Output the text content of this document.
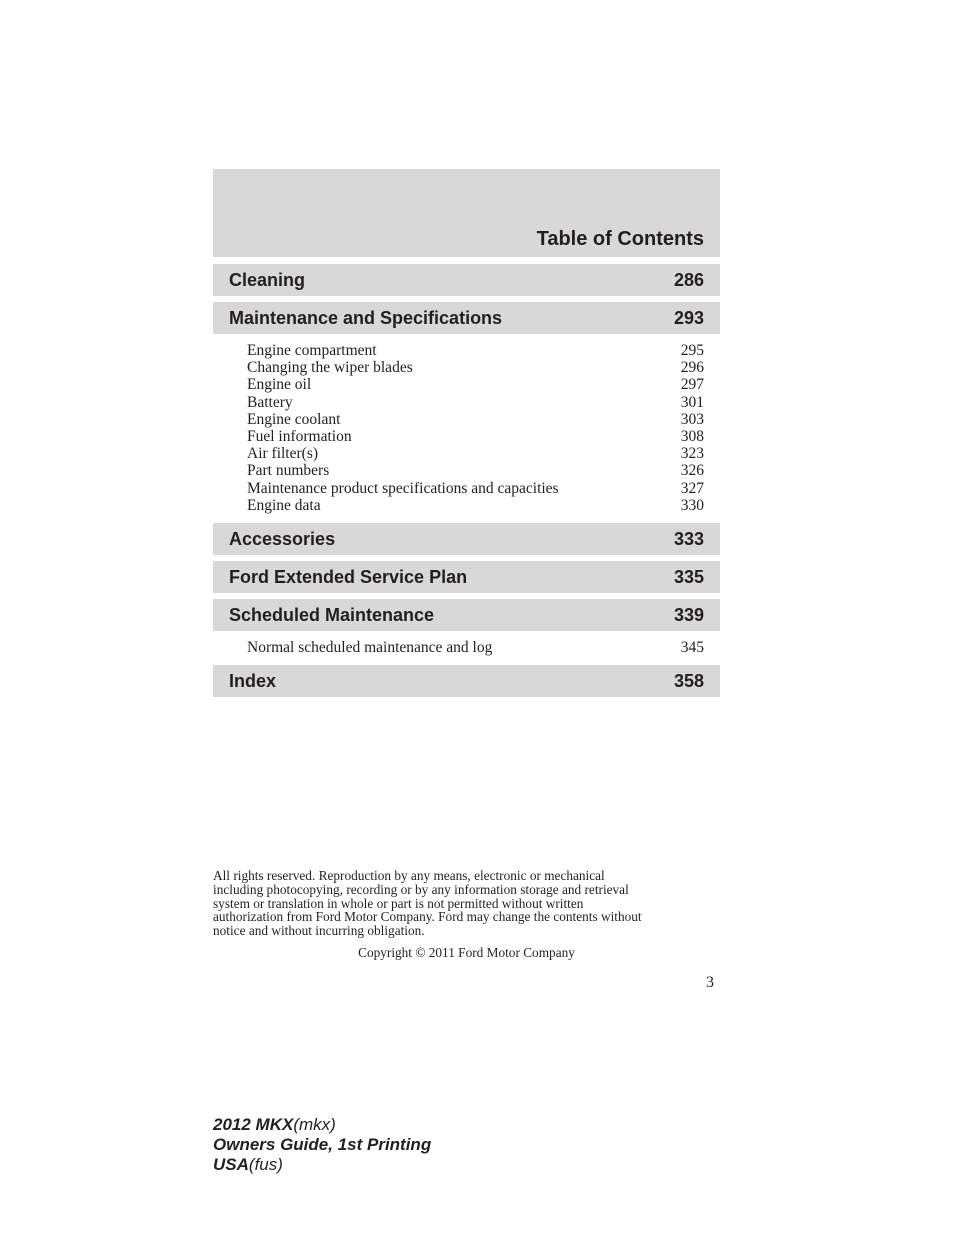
Table of Contents
Cleaning	286
Maintenance and Specifications	293
Engine compartment	295
Changing the wiper blades	296
Engine oil	297
Battery	301
Engine coolant	303
Fuel information	308
Air filter(s)	323
Part numbers	326
Maintenance product specifications and capacities	327
Engine data	330
Accessories	333
Ford Extended Service Plan	335
Scheduled Maintenance	339
Normal scheduled maintenance and log	345
Index	358
All rights reserved. Reproduction by any means, electronic or mechanical
including photocopying, recording or by any information storage and retrieval
system or translation in whole or part is not permitted without written
authorization from Ford Motor Company. Ford may change the contents without
notice and without incurring obligation.
Copyright © 2011 Ford Motor Company
3
2012 MKX(mkx)
Owners Guide, 1st Printing
USA(fus)
